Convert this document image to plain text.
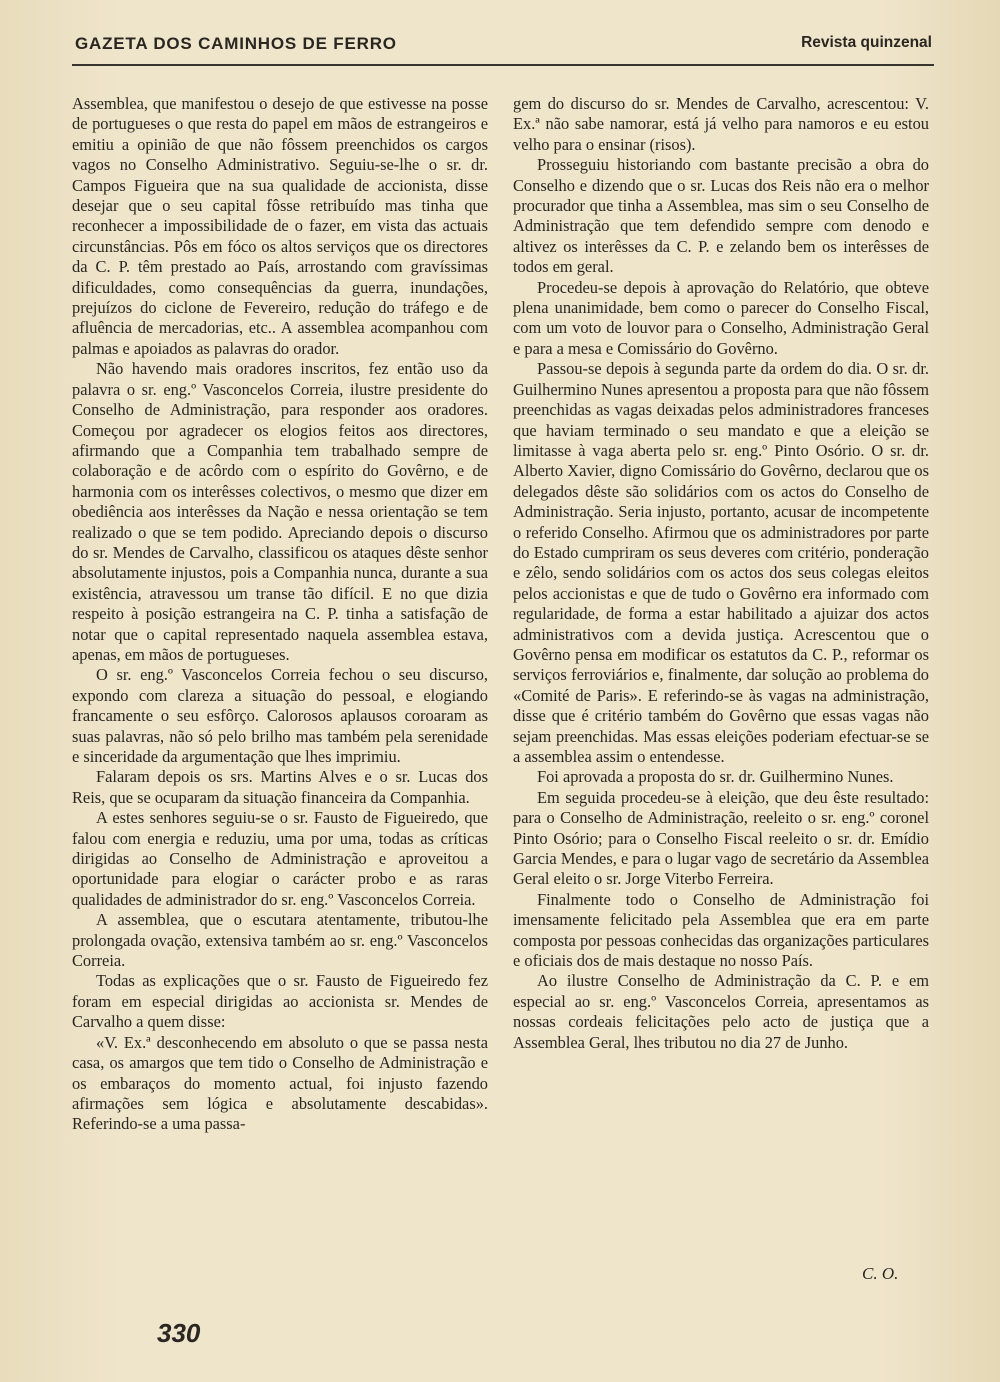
GAZETA DOS CAMINHOS DE FERRO	Revista quinzenal

Assemblea, que manifestou o desejo de que estivesse na posse de portugueses o que resta do papel em mãos de estrangeiros e emitiu a opinião de que não fôssem preenchidos os cargos vagos no Conselho Administrativo. Seguiu-se-lhe o sr. dr. Campos Figueira que na sua qualidade de accionista, disse desejar que o seu capital fôsse retribuído mas tinha que reconhecer a impossibilidade de o fazer, em vista das actuais circunstâncias. Pôs em fóco os altos serviços que os directores da C. P. têm prestado ao País, arrostando com gravíssimas dificuldades, como consequências da guerra, inundações, prejuízos do ciclone de Fevereiro, redução do tráfego e de afluência de mercadorias, etc.. A assemblea acompanhou com palmas e apoiados as palavras do orador.

Não havendo mais oradores inscritos, fez então uso da palavra o sr. eng.º Vasconcelos Correia, ilustre presidente do Conselho de Administração, para responder aos oradores. Começou por agradecer os elogios feitos aos directores, afirmando que a Companhia tem trabalhado sempre de colaboração e de acôrdo com o espírito do Govêrno, e de harmonia com os interêsses colectivos, o mesmo que dizer em obediência aos interêsses da Nação e nessa orientação se tem realizado o que se tem podido. Apreciando depois o discurso do sr. Mendes de Carvalho, classificou os ataques dêste senhor absolutamente injustos, pois a Companhia nunca, durante a sua existência, atravessou um transe tão difícil. E no que dizia respeito à posição estrangeira na C. P. tinha a satisfação de notar que o capital representado naquela assemblea estava, apenas, em mãos de portugueses.

O sr. eng.º Vasconcelos Correia fechou o seu discurso, expondo com clareza a situação do pessoal, e elogiando francamente o seu esfôrço. Calorosos aplausos coroaram as suas palavras, não só pelo brilho mas também pela serenidade e sinceridade da argumentação que lhes imprimiu.

Falaram depois os srs. Martins Alves e o sr. Lucas dos Reis, que se ocuparam da situação financeira da Companhia.

A estes senhores seguiu-se o sr. Fausto de Figueiredo, que falou com energia e reduziu, uma por uma, todas as críticas dirigidas ao Conselho de Administração e aproveitou a oportunidade para elogiar o carácter probo e as raras qualidades de administrador do sr. eng.º Vasconcelos Correia.

A assemblea, que o escutara atentamente, tributou-lhe prolongada ovação, extensiva também ao sr. eng.º Vasconcelos Correia.

Todas as explicações que o sr. Fausto de Figueiredo fez foram em especial dirigidas ao accionista sr. Mendes de Carvalho a quem disse:

«V. Ex.ª desconhecendo em absoluto o que se passa nesta casa, os amargos que tem tido o Conselho de Administração e os embaraços do momento actual, foi injusto fazendo afirmações sem lógica e absolutamente descabidas». Referindo-se a uma passa-

gem do discurso do sr. Mendes de Carvalho, acrescentou: V. Ex.ª não sabe namorar, está já velho para namoros e eu estou velho para o ensinar (risos).

Prosseguiu historiando com bastante precisão a obra do Conselho e dizendo que o sr. Lucas dos Reis não era o melhor procurador que tinha a Assemblea, mas sim o seu Conselho de Administração que tem defendido sempre com denodo e altivez os interêsses da C. P. e zelando bem os interêsses de todos em geral.

Procedeu-se depois à aprovação do Relatório, que obteve plena unanimidade, bem como o parecer do Conselho Fiscal, com um voto de louvor para o Conselho, Administração Geral e para a mesa e Comissário do Govêrno.

Passou-se depois à segunda parte da ordem do dia. O sr. dr. Guilhermino Nunes apresentou a proposta para que não fôssem preenchidas as vagas deixadas pelos administradores franceses que haviam terminado o seu mandato e que a eleição se limitasse à vaga aberta pelo sr. eng.º Pinto Osório. O sr. dr. Alberto Xavier, digno Comissário do Govêrno, declarou que os delegados dêste são solidários com os actos do Conselho de Administração. Seria injusto, portanto, acusar de incompetente o referido Conselho. Afirmou que os administradores por parte do Estado cumpriram os seus deveres com critério, ponderação e zêlo, sendo solidários com os actos dos seus colegas eleitos pelos accionistas e que de tudo o Govêrno era informado com regularidade, de forma a estar habilitado a ajuizar dos actos administrativos com a devida justiça. Acrescentou que o Govêrno pensa em modificar os estatutos da C. P., reformar os serviços ferroviários e, finalmente, dar solução ao problema do «Comité de Paris». E referindo-se às vagas na administração, disse que é critério também do Govêrno que essas vagas não sejam preenchidas. Mas essas eleições poderiam efectuar-se se a assemblea assim o entendesse.

Foi aprovada a proposta do sr. dr. Guilhermino Nunes.

Em seguida procedeu-se à eleição, que deu êste resultado: para o Conselho de Administração, reeleito o sr. eng.º coronel Pinto Osório; para o Conselho Fiscal reeleito o sr. dr. Emídio Garcia Mendes, e para o lugar vago de secretário da Assemblea Geral eleito o sr. Jorge Viterbo Ferreira.

Finalmente todo o Conselho de Administração foi imensamente felicitado pela Assemblea que era em parte composta por pessoas conhecidas das organizações particulares e oficiais dos de mais destaque no nosso País.

Ao ilustre Conselho de Administração da C. P. e em especial ao sr. eng.º Vasconcelos Correia, apresentamos as nossas cordeais felicitações pelo acto de justiça que a Assemblea Geral, lhes tributou no dia 27 de Junho.

C. O.
330
